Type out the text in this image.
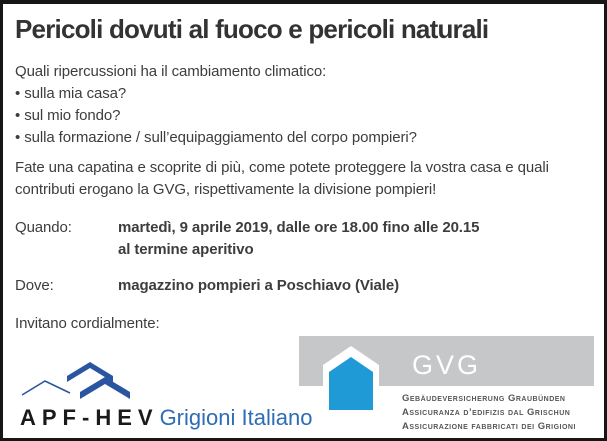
Pericoli dovuti al fuoco e pericoli naturali

Quali ripercussioni ha il cambiamento climatico:

• sulla mia casa?
• sul mio fondo?
• sulla formazione / sull’equipaggiamento del corpo pompieri?

Fate una capatina e scoprite di più, come potete proteggere la vostra casa e quali contributi erogano la GVG, rispettivamente la divisione pompieri!

Quando:	martedì, 9 aprile 2019, dalle ore 18.00 fino alle 20.15
al termine aperitivo
Dove:	magazzino pompieri a Poschiavo (Viale)

Invitano cordialmente:

APF-HEVGrigioni Italiano
GVG
Gebäudeversicherung Graubünden
Assicuranza d’edifizis dal Grischun
Assicurazione fabbricati dei Grigioni
